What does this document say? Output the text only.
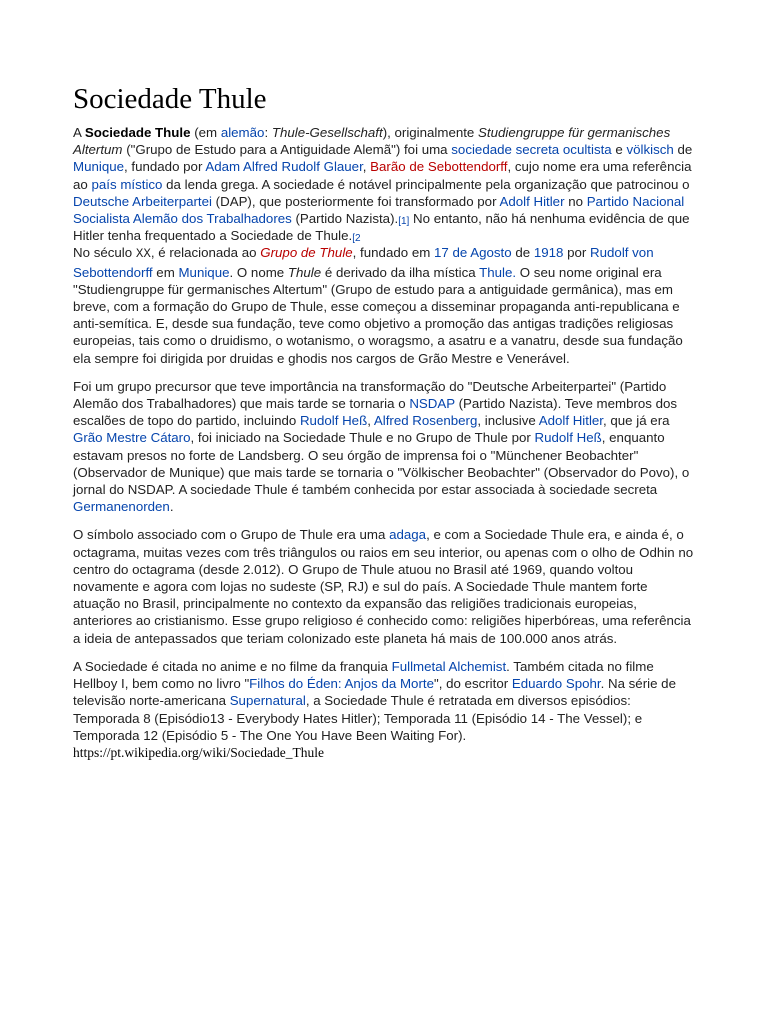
Sociedade Thule

A Sociedade Thule (em alemão: Thule-Gesellschaft), originalmente Studiengruppe für germanisches Altertum ("Grupo de Estudo para a Antiguidade Alemã") foi uma sociedade secreta ocultista e völkisch de Munique, fundado por Adam Alfred Rudolf Glauer, Barão de Sebottendorff, cujo nome era uma referência ao país místico da lenda grega. A sociedade é notável principalmente pela organização que patrocinou o Deutsche Arbeiterpartei (DAP), que posteriormente foi transformado por Adolf Hitler no Partido Nacional Socialista Alemão dos Trabalhadores (Partido Nazista).[1] No entanto, não há nenhuma evidência de que Hitler tenha frequentado a Sociedade de Thule.$^{[2}$

No século XX, é relacionada ao Grupo de Thule, fundado em 17 de Agosto de 1918 por Rudolf von Sebottendorff em Munique. O nome Thule é derivado da ilha mística Thule. O seu nome original era "Studiengruppe für germanisches Altertum" (Grupo de estudo para a antiguidade germânica), mas em breve, com a formação do Grupo de Thule, esse começou a disseminar propaganda anti-republicana e anti-semítica. E, desde sua fundação, teve como objetivo a promoção das antigas tradições religiosas europeias, tais como o druidismo, o wotanismo, o woragsmo, a asatru e a vanatru, desde sua fundação ela sempre foi dirigida por druidas e ghodis nos cargos de Grão Mestre e Venerável.

Foi um grupo precursor que teve importância na transformação do "Deutsche Arbeiterpartei" (Partido Alemão dos Trabalhadores) que mais tarde se tornaria o NSDAP (Partido Nazista). Teve membros dos escalões de topo do partido, incluindo Rudolf Heß, Alfred Rosenberg, inclusive Adolf Hitler, que já era Grão Mestre Cátaro, foi iniciado na Sociedade Thule e no Grupo de Thule por Rudolf Heß, enquanto estavam presos no forte de Landsberg. O seu órgão de imprensa foi o "Münchener Beobachter" (Observador de Munique) que mais tarde se tornaria o "Völkischer Beobachter" (Observador do Povo), o jornal do NSDAP. A sociedade Thule é também conhecida por estar associada à sociedade secreta Germanenorden.

O símbolo associado com o Grupo de Thule era uma adaga, e com a Sociedade Thule era, e ainda é, o octagrama, muitas vezes com três triângulos ou raios em seu interior, ou apenas com o olho de Odhin no centro do octagrama (desde 2.012). O Grupo de Thule atuou no Brasil até 1969, quando voltou novamente e agora com lojas no sudeste (SP, RJ) e sul do país. A Sociedade Thule mantem forte atuação no Brasil, principalmente no contexto da expansão das religiões tradicionais europeias, anteriores ao cristianismo. Esse grupo religioso é conhecido como: religiões hiperbóreas, uma referência a ideia de antepassados que teriam colonizado este planeta há mais de 100.000 anos atrás.

A Sociedade é citada no anime e no filme da franquia Fullmetal Alchemist. Também citada no filme Hellboy I, bem como no livro "Filhos do Éden: Anjos da Morte", do escritor Eduardo Spohr. Na série de televisão norte-americana Supernatural, a Sociedade Thule é retratada em diversos episódios: Temporada 8 (Episódio13 - Everybody Hates Hitler); Temporada 11 (Episódio 14 - The Vessel); e Temporada 12 (Episódio 5 - The One You Have Been Waiting For).

https://pt.wikipedia.org/wiki/Sociedade_Thule
